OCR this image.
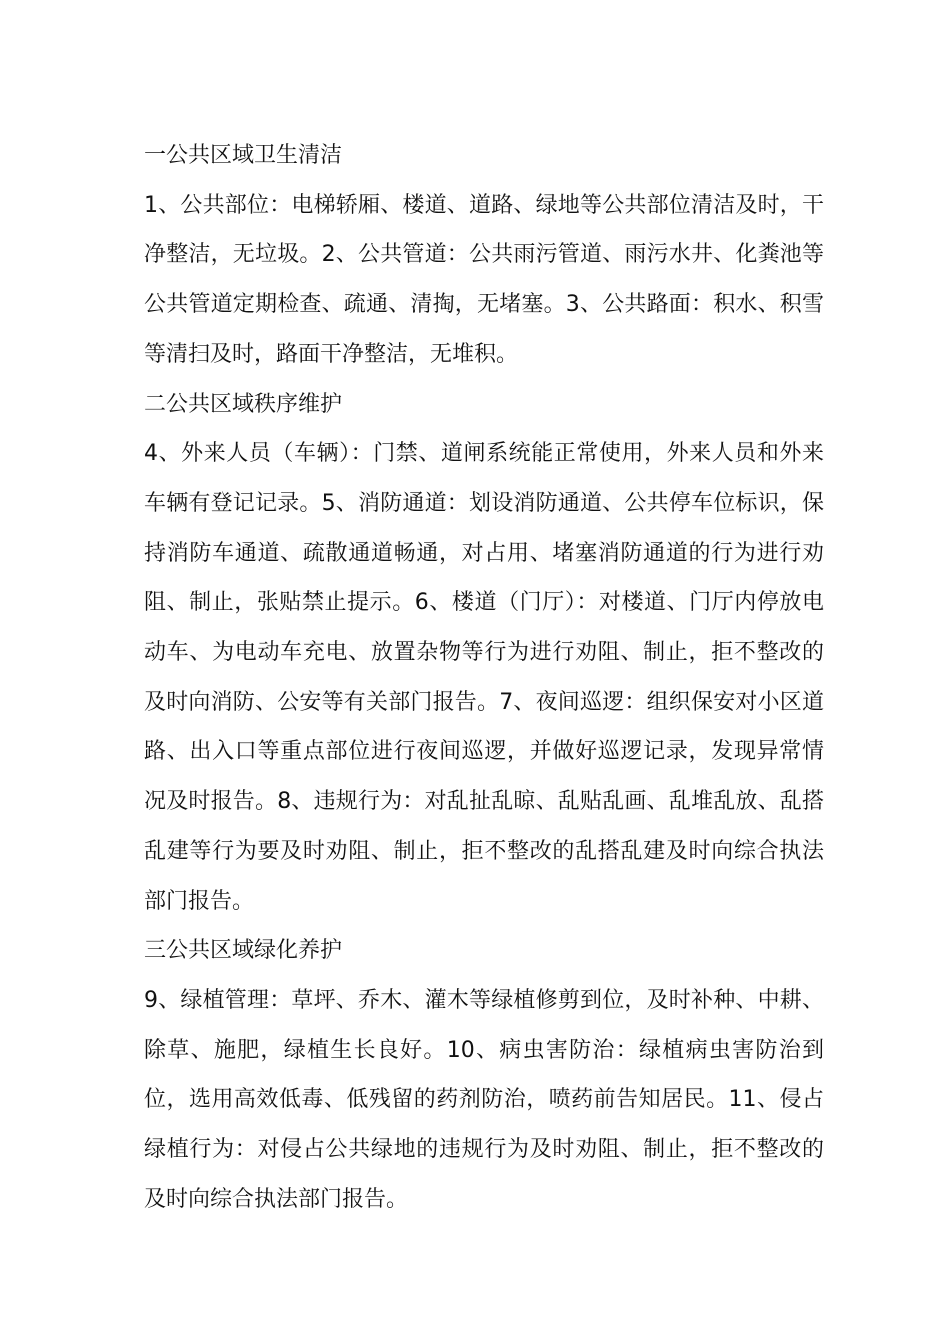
一公共区域卫生清洁

1、公共部位：电梯轿厢、楼道、道路、绿地等公共部位清洁及时，干净整洁，无垃圾。2、公共管道：公共雨污管道、雨污水井、化粪池等公共管道定期检查、疏通、清掏，无堵塞。3、公共路面：积水、积雪等清扫及时，路面干净整洁，无堆积。

二公共区域秩序维护

4、外来人员（车辆）：门禁、道闸系统能正常使用，外来人员和外来车辆有登记记录。5、消防通道：划设消防通道、公共停车位标识，保持消防车通道、疏散通道畅通，对占用、堵塞消防通道的行为进行劝阻、制止，张贴禁止提示。6、楼道（门厅）：对楼道、门厅内停放电动车、为电动车充电、放置杂物等行为进行劝阻、制止，拒不整改的及时向消防、公安等有关部门报告。7、夜间巡逻：组织保安对小区道路、出入口等重点部位进行夜间巡逻，并做好巡逻记录，发现异常情况及时报告。8、违规行为：对乱扯乱晾、乱贴乱画、乱堆乱放、乱搭乱建等行为要及时劝阻、制止，拒不整改的乱搭乱建及时向综合执法部门报告。

三公共区域绿化养护

9、绿植管理：草坪、乔木、灌木等绿植修剪到位，及时补种、中耕、除草、施肥，绿植生长良好。10、病虫害防治：绿植病虫害防治到位，选用高效低毒、低残留的药剂防治，喷药前告知居民。11、侵占绿植行为：对侵占公共绿地的违规行为及时劝阻、制止，拒不整改的及时向综合执法部门报告。
